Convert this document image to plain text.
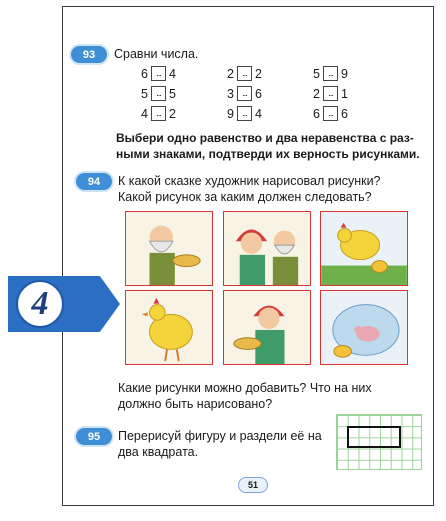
93	Сравни числа.
6 ... 4	2 ... 2	5 ... 9
5 ... 5	3 ... 6	2 ... 1
4 ... 2	9 ... 4	6 ... 6
Выбери одно равенство и два неравенства с раз-
ными знаками, подтверди их верность рисунками.
94	К какой сказке художник нарисовал рисунки?
Какой рисунок за каким должен следовать?
Какие рисунки можно добавить? Что на них
должно быть нарисовано?
95	Перерисуй фигуру и раздели её на
два квадрата.
4
51
